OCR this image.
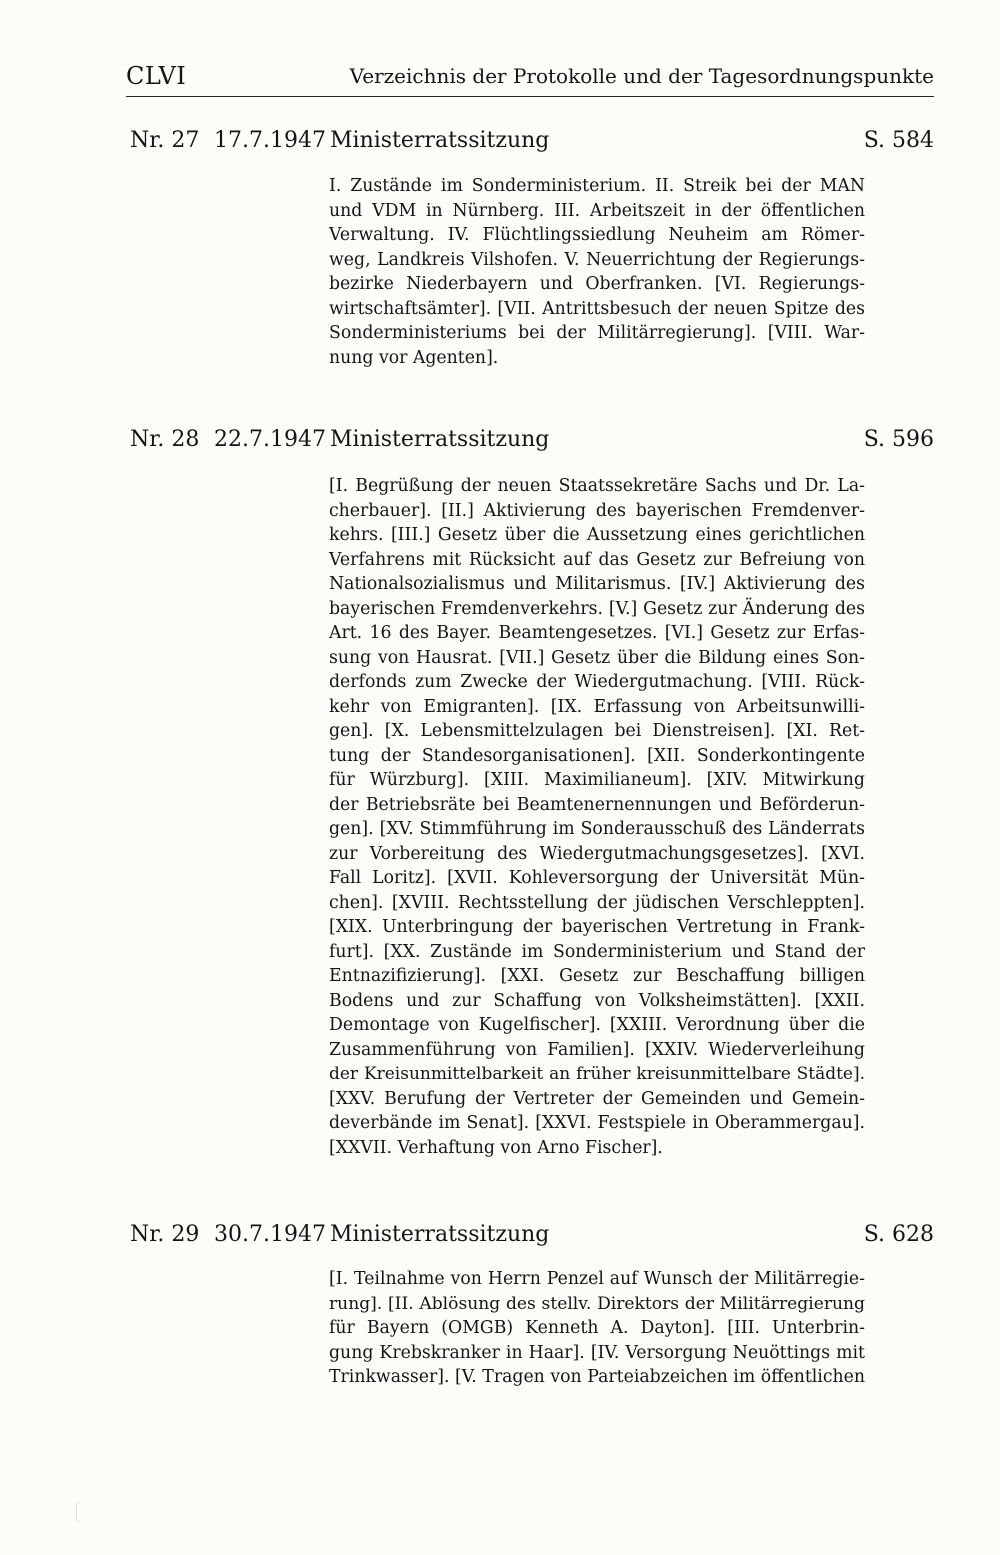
CLVI	Verzeichnis der Protokolle und der Tagesordnungspunkte
Nr. 27 17.7.1947 Ministerratssitzung	S. 584
I. Zustände im Sonderministerium. II. Streik bei der MAN
und VDM in Nürnberg. III. Arbeitszeit in der öffentlichen
Verwaltung. IV. Flüchtlingssiedlung Neuheim am Römer-
weg, Landkreis Vilshofen. V. Neuerrichtung der Regierungs-
bezirke Niederbayern und Oberfranken. [VI. Regierungs-
wirtschaftsämter]. [VII. Antrittsbesuch der neuen Spitze des
Sonderministeriums bei der Militärregierung]. [VIII. War-
nung vor Agenten].
Nr. 28 22.7.1947 Ministerratssitzung	S. 596
[I. Begrüßung der neuen Staatssekretäre Sachs und Dr. La-
cherbauer]. [II.] Aktivierung des bayerischen Fremdenver-
kehrs. [III.] Gesetz über die Aussetzung eines gerichtlichen
Verfahrens mit Rücksicht auf das Gesetz zur Befreiung von
Nationalsozialismus und Militarismus. [IV.] Aktivierung des
bayerischen Fremdenverkehrs. [V.] Gesetz zur Änderung des
Art. 16 des Bayer. Beamtengesetzes. [VI.] Gesetz zur Erfas-
sung von Hausrat. [VII.] Gesetz über die Bildung eines Son-
derfonds zum Zwecke der Wiedergutmachung. [VIII. Rück-
kehr von Emigranten]. [IX. Erfassung von Arbeitsunwilli-
gen]. [X. Lebensmittelzulagen bei Dienstreisen]. [XI. Ret-
tung der Standesorganisationen]. [XII. Sonderkontingente
für Würzburg]. [XIII. Maximilianeum]. [XIV. Mitwirkung
der Betriebsräte bei Beamtenernennungen und Beförderun-
gen]. [XV. Stimmführung im Sonderausschuß des Länderrats
zur Vorbereitung des Wiedergutmachungsgesetzes]. [XVI.
Fall Loritz]. [XVII. Kohleversorgung der Universität Mün-
chen]. [XVIII. Rechtsstellung der jüdischen Verschleppten].
[XIX. Unterbringung der bayerischen Vertretung in Frank-
furt]. [XX. Zustände im Sonderministerium und Stand der
Entnazifizierung]. [XXI. Gesetz zur Beschaffung billigen
Bodens und zur Schaffung von Volksheimstätten]. [XXII.
Demontage von Kugelfischer]. [XXIII. Verordnung über die
Zusammenführung von Familien]. [XXIV. Wiederverleihung
der Kreisunmittelbarkeit an früher kreisunmittelbare Städte].
[XXV. Berufung der Vertreter der Gemeinden und Gemein-
deverbände im Senat]. [XXVI. Festspiele in Oberammergau].
[XXVII. Verhaftung von Arno Fischer].
Nr. 29 30.7.1947 Ministerratssitzung	S. 628
[I. Teilnahme von Herrn Penzel auf Wunsch der Militärregie-
rung]. [II. Ablösung des stellv. Direktors der Militärregierung
für Bayern (OMGB) Kenneth A. Dayton]. [III. Unterbrin-
gung Krebskranker in Haar]. [IV. Versorgung Neuöttings mit
Trinkwasser]. [V. Tragen von Parteiabzeichen im öffentlichen
